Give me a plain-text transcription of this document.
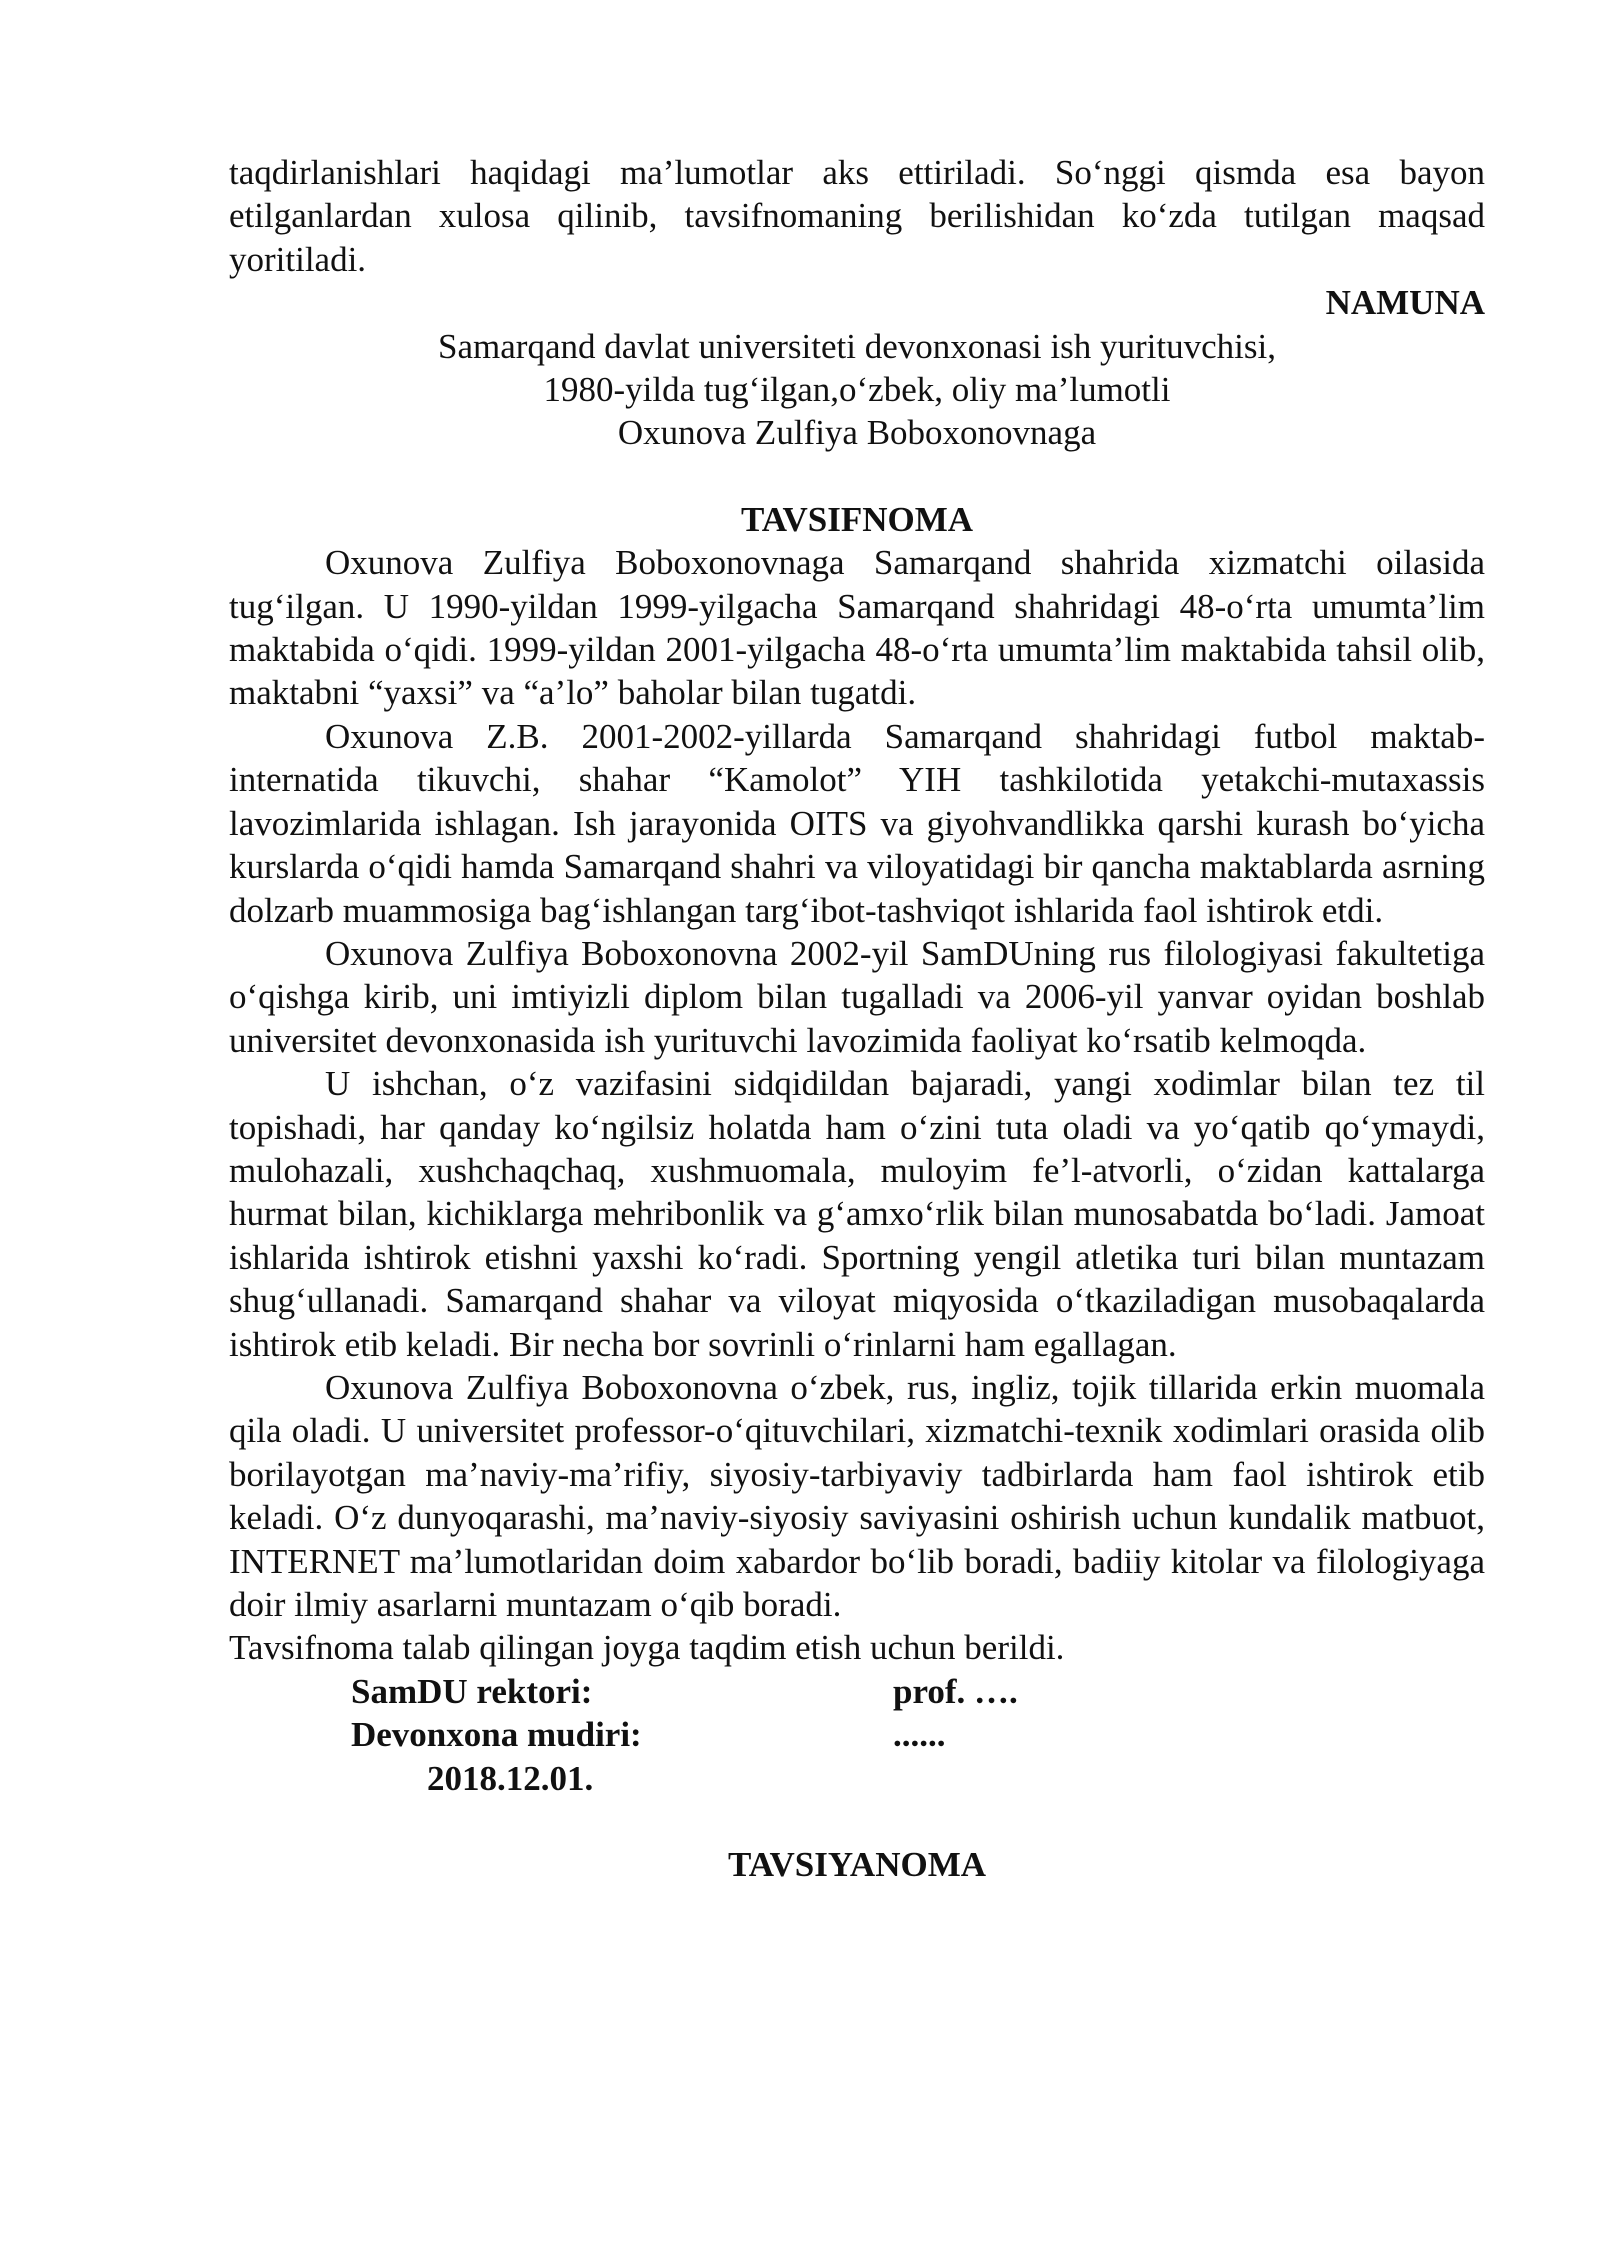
taqdirlanishlari haqidagi ma’lumotlar aks ettiriladi. So‘nggi qismda esa bayon etilganlardan xulosa qilinib, tavsifnomaning berilishidan ko‘zda tutilgan maqsad yoritiladi.

NAMUNA

Samarqand davlat universiteti devonxonasi ish yurituvchisi,

1980-yilda tug‘ilgan,o‘zbek, oliy ma’lumotli

Oxunova Zulfiya Boboxonovnaga

TAVSIFNOMA

Oxunova Zulfiya Boboxonovnaga Samarqand shahrida xizmatchi oilasida tug‘ilgan. U 1990-yildan 1999-yilgacha Samarqand shahridagi 48-o‘rta umumta’lim maktabida o‘qidi. 1999-yildan 2001-yilgacha 48-o‘rta umumta’lim maktabida tahsil olib, maktabni “yaxsi” va “a’lo” baholar bilan tugatdi.

Oxunova Z.B. 2001-2002-yillarda Samarqand shahridagi futbol maktab-internatida tikuvchi, shahar “Kamolot” YIH tashkilotida yetakchi-mutaxassis lavozimlarida ishlagan. Ish jarayonida OITS va giyohvandlikka qarshi kurash bo‘yicha kurslarda o‘qidi hamda Samarqand shahri va viloyatidagi bir qancha maktablarda asrning dolzarb muammosiga bag‘ishlangan targ‘ibot-tashviqot ishlarida faol ishtirok etdi.

Oxunova Zulfiya Boboxonovna 2002-yil SamDUning rus filologiyasi fakultetiga o‘qishga kirib, uni imtiyizli diplom bilan tugalladi va 2006-yil yanvar oyidan boshlab universitet devonxonasida ish yurituvchi lavozimida faoliyat ko‘rsatib kelmoqda.

U ishchan, o‘z vazifasini sidqidildan bajaradi, yangi xodimlar bilan tez til topishadi, har qanday ko‘ngilsiz holatda ham o‘zini tuta oladi va yo‘qatib qo‘ymaydi, mulohazali, xushchaqchaq, xushmuomala, muloyim fe’l-atvorli, o‘zidan kattalarga hurmat bilan, kichiklarga mehribonlik va g‘amxo‘rlik bilan munosabatda bo‘ladi. Jamoat ishlarida ishtirok etishni yaxshi ko‘radi. Sportning yengil atletika turi bilan muntazam shug‘ullanadi. Samarqand shahar va viloyat miqyosida o‘tkaziladigan musobaqalarda ishtirok etib keladi. Bir necha bor sovrinli o‘rinlarni ham egallagan.

Oxunova Zulfiya Boboxonovna o‘zbek, rus, ingliz, tojik tillarida erkin muomala qila oladi. U universitet professor-o‘qituvchilari, xizmatchi-texnik xodimlari orasida olib borilayotgan ma’naviy-ma’rifiy, siyosiy-tarbiyaviy tadbirlarda ham faol ishtirok etib keladi. O‘z dunyoqarashi, ma’naviy-siyosiy saviyasini oshirish uchun kundalik matbuot, INTERNET ma’lumotlaridan doim xabardor bo‘lib boradi, badiiy kitolar va filologiyaga doir ilmiy asarlarni muntazam o‘qib boradi.

Tavsifnoma talab qilingan joyga taqdim etish uchun berildi.

SamDU rektori:	prof. ….
Devonxona mudiri:	......

2018.12.01.

TAVSIYANOMA
